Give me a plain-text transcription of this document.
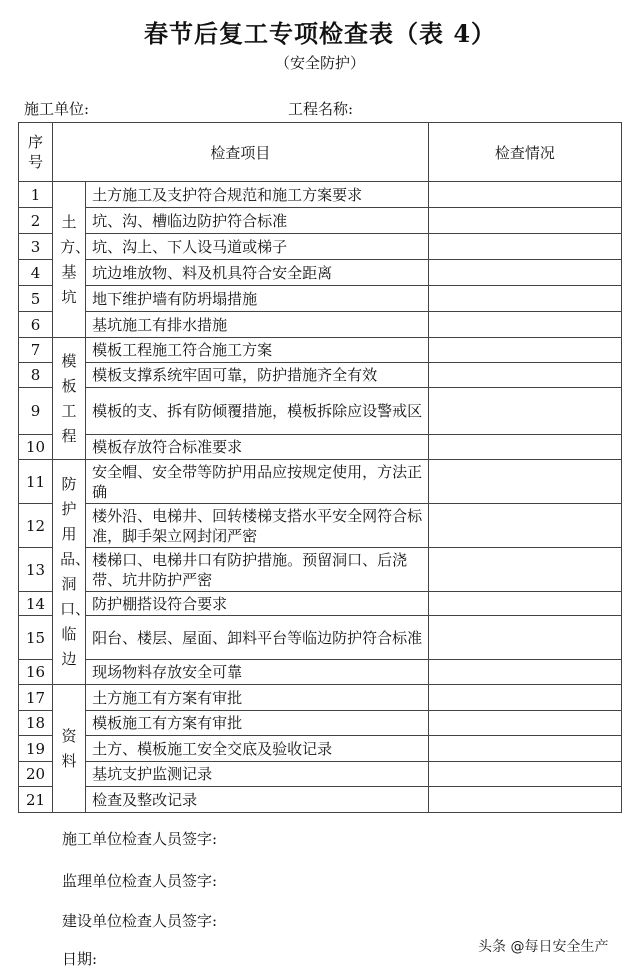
春节后复工专项检查表（表 4）
（安全防护）
施工单位:	工程名称:
序号	检查项目		检查情况
1	土方、基坑	土方施工及支护符合规范和施工方案要求	
2		坑、沟、槽临边防护符合标准	
3		坑、沟上、下人设马道或梯子	
4		坑边堆放物、料及机具符合安全距离	
5		地下维护墙有防坍塌措施	
6		基坑施工有排水措施	
7	模板工程	模板工程施工符合施工方案	
8		模板支撑系统牢固可靠，防护措施齐全有效	
9		模板的支、拆有防倾覆措施，模板拆除应设警戒区	
10		模板存放符合标准要求	
11	防护用品、洞口、临边	安全帽、安全带等防护用品应按规定使用，方法正确	
12		楼外沿、电梯井、回转楼梯支搭水平安全网符合标准，脚手架立网封闭严密	
13		楼梯口、电梯井口有防护措施。预留洞口、后浇带、坑井防护严密	
14		防护棚搭设符合要求	
15		阳台、楼层、屋面、卸料平台等临边防护符合标准	
16		现场物料存放安全可靠	
17	资料	土方施工有方案有审批	
18		模板施工有方案有审批	
19		土方、模板施工安全交底及验收记录	
20		基坑支护监测记录	
21		检查及整改记录	
施工单位检查人员签字:
监理单位检查人员签字:
建设单位检查人员签字:
日期:
头条 @每日安全生产
